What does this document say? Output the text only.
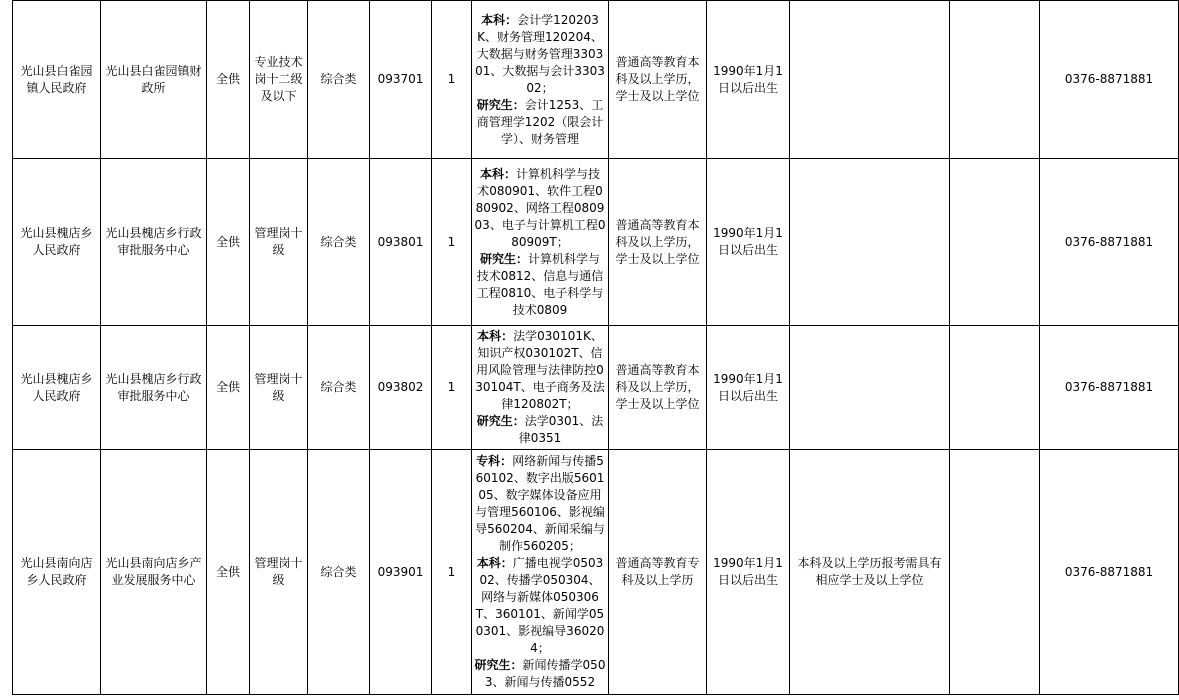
光山县白雀园镇人民政府	光山县白雀园镇财政所	全供	专业技术岗十二级及以下	综合类	093701	1	本科：会计学120203K、财务管理120204、大数据与财务管理330301、大数据与会计330302；
研究生：会计1253、工商管理学1202（限会计学）、财务管理	普通高等教育本科及以上学历，学士及以上学位	1990年1月1日以后出生			0376-8871881
光山县槐店乡人民政府	光山县槐店乡行政审批服务中心	全供	管理岗十级	综合类	093801	1	本科：计算机科学与技术080901、软件工程080902、网络工程080903、电子与计算机工程080909T；
研究生：计算机科学与技术0812、信息与通信工程0810、电子科学与技术0809	普通高等教育本科及以上学历，学士及以上学位	1990年1月1日以后出生			0376-8871881
光山县槐店乡人民政府	光山县槐店乡行政审批服务中心	全供	管理岗十级	综合类	093802	1	本科：法学030101K、知识产权030102T、信用风险管理与法律防控030104T、电子商务及法律120802T；
研究生：法学0301、法律0351	普通高等教育本科及以上学历，学士及以上学位	1990年1月1日以后出生			0376-8871881
光山县南向店乡人民政府	光山县南向店乡产业发展服务中心	全供	管理岗十级	综合类	093901	1	专科：网络新闻与传播560102、数字出版560105、数字媒体设备应用与管理560106、影视编导560204、新闻采编与制作560205；
本科：广播电视学050302、传播学050304、网络与新媒体050306T、360101、新闻学050301、影视编导360204；
研究生：新闻传播学0503、新闻与传播0552	普通高等教育专科及以上学历	1990年1月1日以后出生	本科及以上学历报考需具有相应学士及以上学位		0376-8871881
